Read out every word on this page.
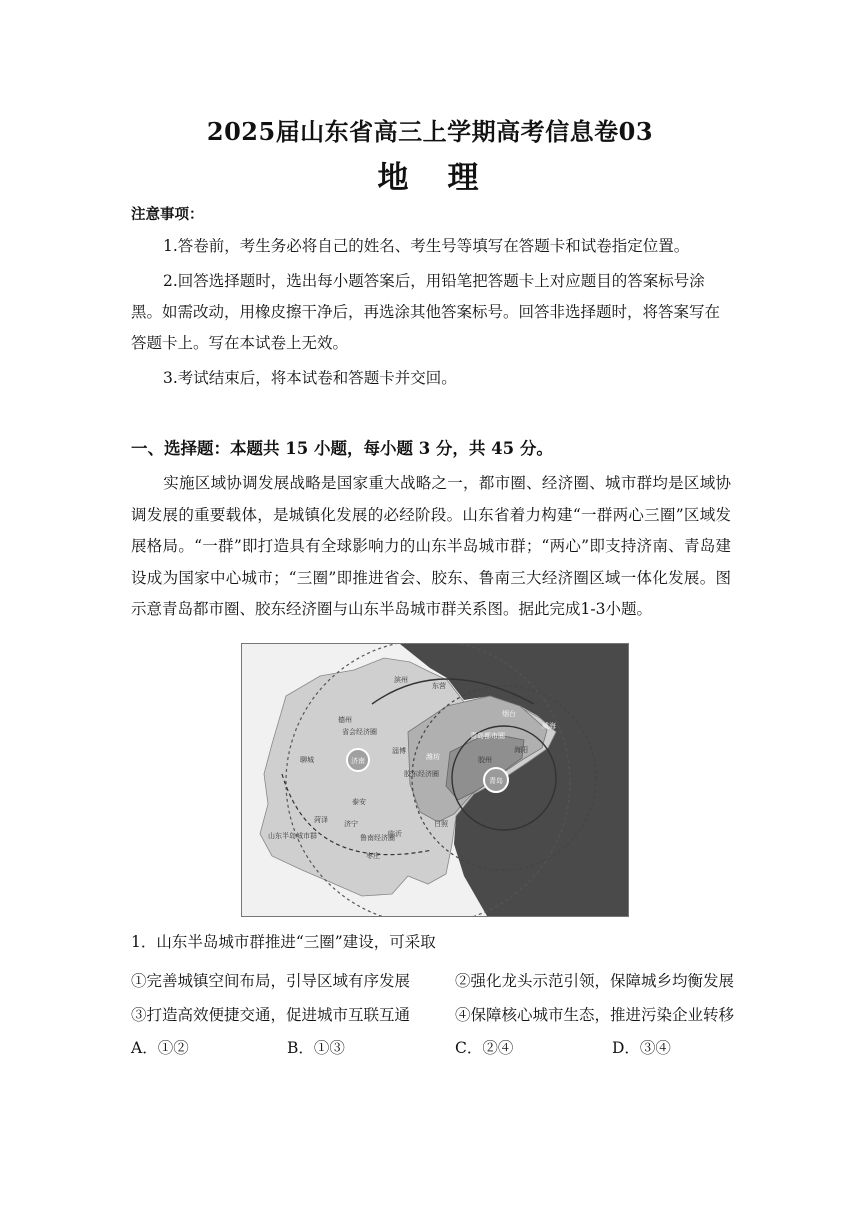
2025届山东省高三上学期高考信息卷03
地　理
注意事项：
1.答卷前，考生务必将自己的姓名、考生号等填写在答题卡和试卷指定位置。
2.回答选择题时，选出每小题答案后，用铅笔把答题卡上对应题目的答案标号涂黑。如需改动，用橡皮擦干净后，再选涂其他答案标号。回答非选择题时，将答案写在答题卡上。写在本试卷上无效。
3.考试结束后，将本试卷和答题卡并交回。
一、选择题：本题共 15 小题，每小题 3 分，共 45 分。
实施区域协调发展战略是国家重大战略之一，都市圈、经济圈、城市群均是区域协调发展的重要载体，是城镇化发展的必经阶段。山东省着力构建“一群两心三圈”区域发展格局。“一群”即打造具有全球影响力的山东半岛城市群；“两心”即支持济南、青岛建设成为国家中心城市；“三圈”即推进省会、胶东、鲁南三大经济圈区域一体化发展。图示意青岛都市圈、胶东经济圈与山东半岛城市群关系图。据此完成1-3小题。
滨州
东营
德州
省会经济圈
聊城	济南
淄博
潍坊
烟台
威海
青岛都市圈
海阳
胶州
胶东经济圈
青岛
泰安
菏泽 济宁
临沂
日照
鲁南经济圈
山东半岛城市群
枣庄
1．山东半岛城市群推进“三圈”建设，可采取
①完善城镇空间布局，引导区域有序发展	②强化龙头示范引领，保障城乡均衡发展
③打造高效便捷交通，促进城市互联互通	④保障核心城市生态，推进污染企业转移
A．①②	B．①③	C．②④	D．③④
